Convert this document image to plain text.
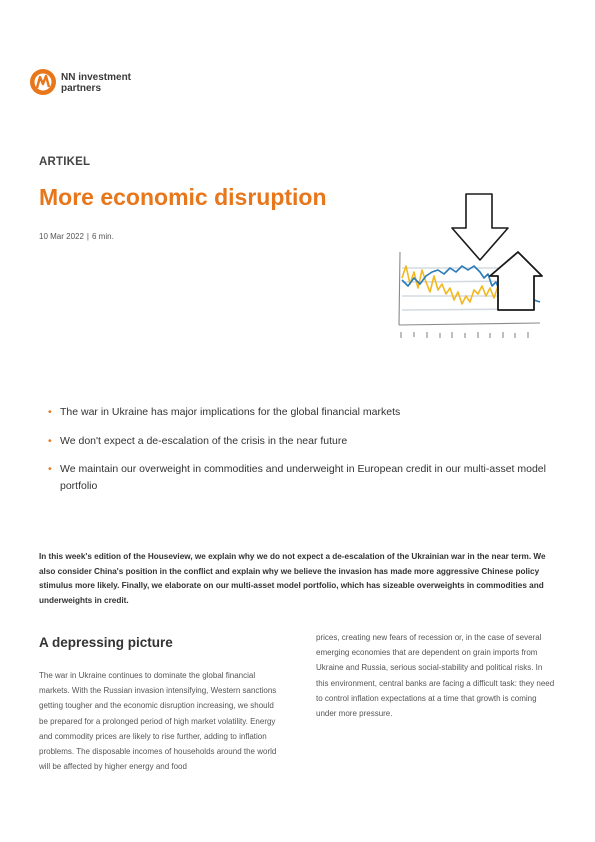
NN investment
partners
ARTIKEL
More economic disruption
10 Mar 2022 | 6 min.
• The war in Ukraine has major implications for the global financial markets
• We don't expect a de-escalation of the crisis in the near future
• We maintain our overweight in commodities and underweight in European credit in our multi-asset model portfolio
In this week's edition of the Houseview, we explain why we do not expect a de-escalation of the Ukrainian war in the near term. We also consider China's position in the conflict and explain why we believe the invasion has made more aggressive Chinese policy stimulus more likely. Finally, we elaborate on our multi-asset model portfolio, which has sizeable overweights in commodities and underweights in credit.
A depressing picture
The war in Ukraine continues to dominate the global financial markets. With the Russian invasion intensifying, Western sanctions getting tougher and the economic disruption increasing, we should be prepared for a prolonged period of high market volatility. Energy and commodity prices are likely to rise further, adding to inflation problems. The disposable incomes of households around the world will be affected by higher energy and food
prices, creating new fears of recession or, in the case of several emerging economies that are dependent on grain imports from Ukraine and Russia, serious social-stability and political risks. In this environment, central banks are facing a difficult task: they need to control inflation expectations at a time that growth is coming under more pressure.
